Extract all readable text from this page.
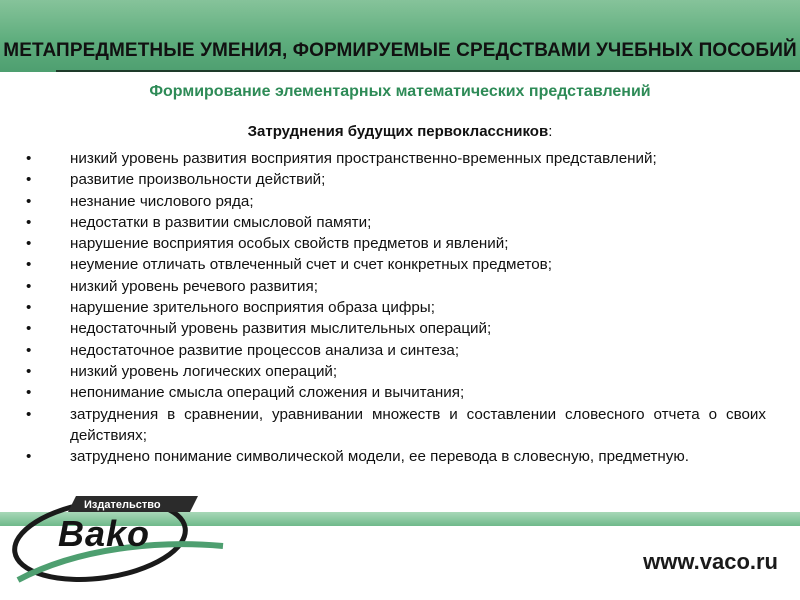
МЕТАПРЕДМЕТНЫЕ УМЕНИЯ, ФОРМИРУЕМЫЕ СРЕДСТВАМИ УЧЕБНЫХ ПОСОБИЙ
Формирование элементарных математических представлений
Затруднения будущих первоклассников:
•	низкий уровень развития восприятия пространственно-временных представлений;
•	развитие произвольности действий;
•	незнание числового ряда;
•	недостатки в развитии смысловой памяти;
•	нарушение восприятия особых свойств предметов и явлений;
•	неумение отличать отвлеченный счет и счет конкретных предметов;
•	низкий уровень речевого развития;
•	нарушение зрительного восприятия образа цифры;
•	недостаточный уровень развития мыслительных операций;
•	недостаточное развитие процессов анализа и синтеза;
•	низкий уровень логических операций;
•	непонимание смысла операций сложения и вычитания;
•	затруднения в сравнении, уравнивании множеств и составлении словесного отчета о своих действиях;
•	затруднено понимание символической модели, ее перевода в словесную, предметную.
Издательство
Bako
www.vaco.ru
